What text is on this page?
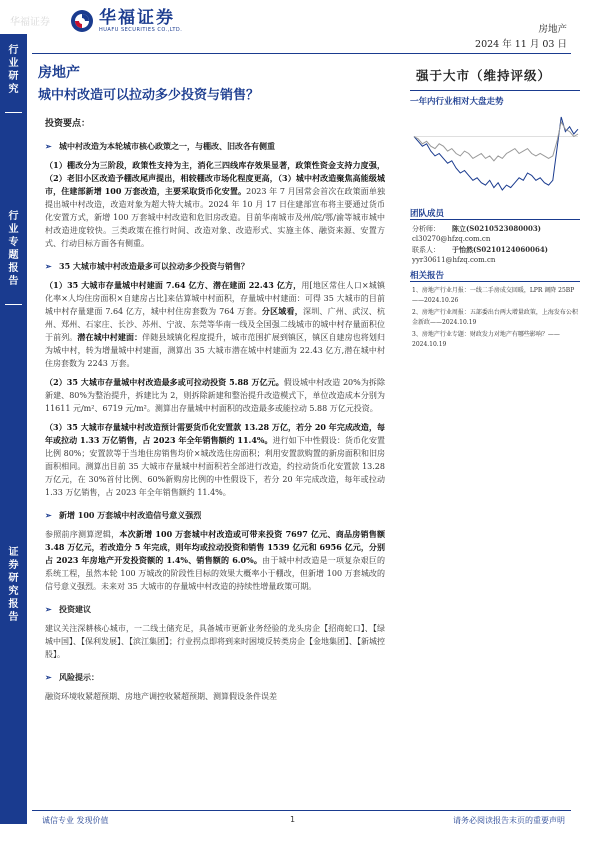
华福证券	华福证券
HUAFU SECURITIES CO.,LTD.	房地产
2024 年 11 月 03 日
行
业
研
究
行
业
专
题
报
告
证
券
研
究
报
告
房地产
城中村改造可以拉动多少投资与销售？
投资要点：
➢ 城中村改造为本轮城市核心政策之一，与棚改、旧改各有侧重
（1）棚改分为三阶段，政策性支持为主，消化三四线库存效果显著，政策性资金支持力度强，（2）老旧小区改造予棚改尾声提出，相较棚改市场化程度更高，（3）城中村改造聚焦高能级城市，住建部新增 100 万套改造，主要采取货币化安置。2023 年 7 月国常会首次在政策面单独提出城中村改造，改造对象为超大特大城市。2024 年 10 月 17 日住建部宣布将主要通过货币化安置方式，新增 100 万套城中村改造和危旧房改造。目前华南城市及州/皖/鄂/渝等城市城中村改造进度较快。三类政策在推行时间、改造对象、改造形式、实施主体、融资来源、安置方式、行动目标方面各有侧重。
➢ 35 大城市城中村改造最多可以拉动多少投资与销售？
（1）35 大城市存量城中村建面 7.64 亿方、潜在建面 22.43 亿方，用[地区常住人口×城镇化率×人均住房面积×自建房占比]来估算城中村面积，存量城中村建面：可得 35 大城市的目前城中村存量建面 7.64 亿方，城中村住房套数为 764 万套。分区域看，深圳、广州、武汉、杭州、郑州、石家庄、长沙、苏州、宁波、东莞等华南一线及全国强二线城市的城中村存量面积位于前列。潜在城中村建面：伴随县域镇化程度提升，城市范围扩展到镇区，镇区自建房也将划归为城中村，转为增量城中村建面，测算出 35 大城市潜在城中村建面为 22.43 亿方,潜在城中村住房套数为 2243 万套。
（2）35 大城市存量城中村改造最多或可拉动投资 5.88 万亿元。假设城中村改造 20%为拆除新建、80%为整治提升，拆建比为 2，则拆除新建和整治提升改造模式下，单位改造成本分别为 11611 元/m²、6719 元/m²。测算出存量城中村面积的改造最多或能拉动 5.88 万亿元投资。
（3）35 大城市存量城中村改造预计需要货币化安置款 13.28 万亿，若分 20 年完成改造，每年或拉动 1.33 万亿销售，占 2023 年全年销售额约 11.4%。进行如下中性假设：货币化安置比例 80%；安置款等于当地住房销售均价×城改选住房面积；利用安置款购置的新房面积和旧房面积相同。测算出目前 35 大城市存量城中村面积若全部进行改造，约拉动货币化安置款 13.28 万亿元，在 30%首付比例、60%新购房比例的中性假设下，若分 20 年完成改造，每年或拉动 1.33 万亿销售，占 2023 年全年销售额约 11.4%。
➢ 新增 100 万套城中村改造信号意义强烈
参照前序测算逻辑，本次新增 100 万套城中村改造或可带来投资 7697 亿元、商品房销售额 3.48 万亿元，若改造分 5 年完成，则年均或拉动投资和销售 1539 亿元和 6956 亿元，分别占 2023 年房地产开发投资额的 1.4%、销售额的 6.0%。由于城中村改造是一项复杂艰巨的系统工程，虽然本轮 100 万城改的阶段性目标的效果大概率小于棚改，但新增 100 万套城改的信号意义强烈。未来对 35 大城市的存量城中村改造的持续性增量政策可期。
➢ 投资建议
建议关注深耕核心城市，一二线土储充足，具备城市更新业务经验的龙头房企【招商蛇口】、【绿城中国】、【保利发展】、【滨江集团】；行业拐点即将到来时困境反转类房企【金地集团】、【新城控股】。
➢ 风险提示：
融资环境收紧超预期、房地产调控收紧超预期、测算假设条件误差
强于大市（维持评级）
一年内行业相对大盘走势
团队成员
分析师： 陈立(S0210523080003)
cl30270@hfzq.com.cn
联系人： 于怡然(S0210124060064)
yyr30611@hfzq.com.cn
相关报告
1、房地产行业月报：一线二手房成交回暖，LPR 调降 25BP——2024.10.26
2、房地产行业周报：五部委出台两大增量政策，上海发布公积金新政——2024.10.19
3、房地产行业专题：财政发力对地产有哪些影响？——2024.10.19
诚信专业 发现价值	1	请务必阅读报告末页的重要声明
